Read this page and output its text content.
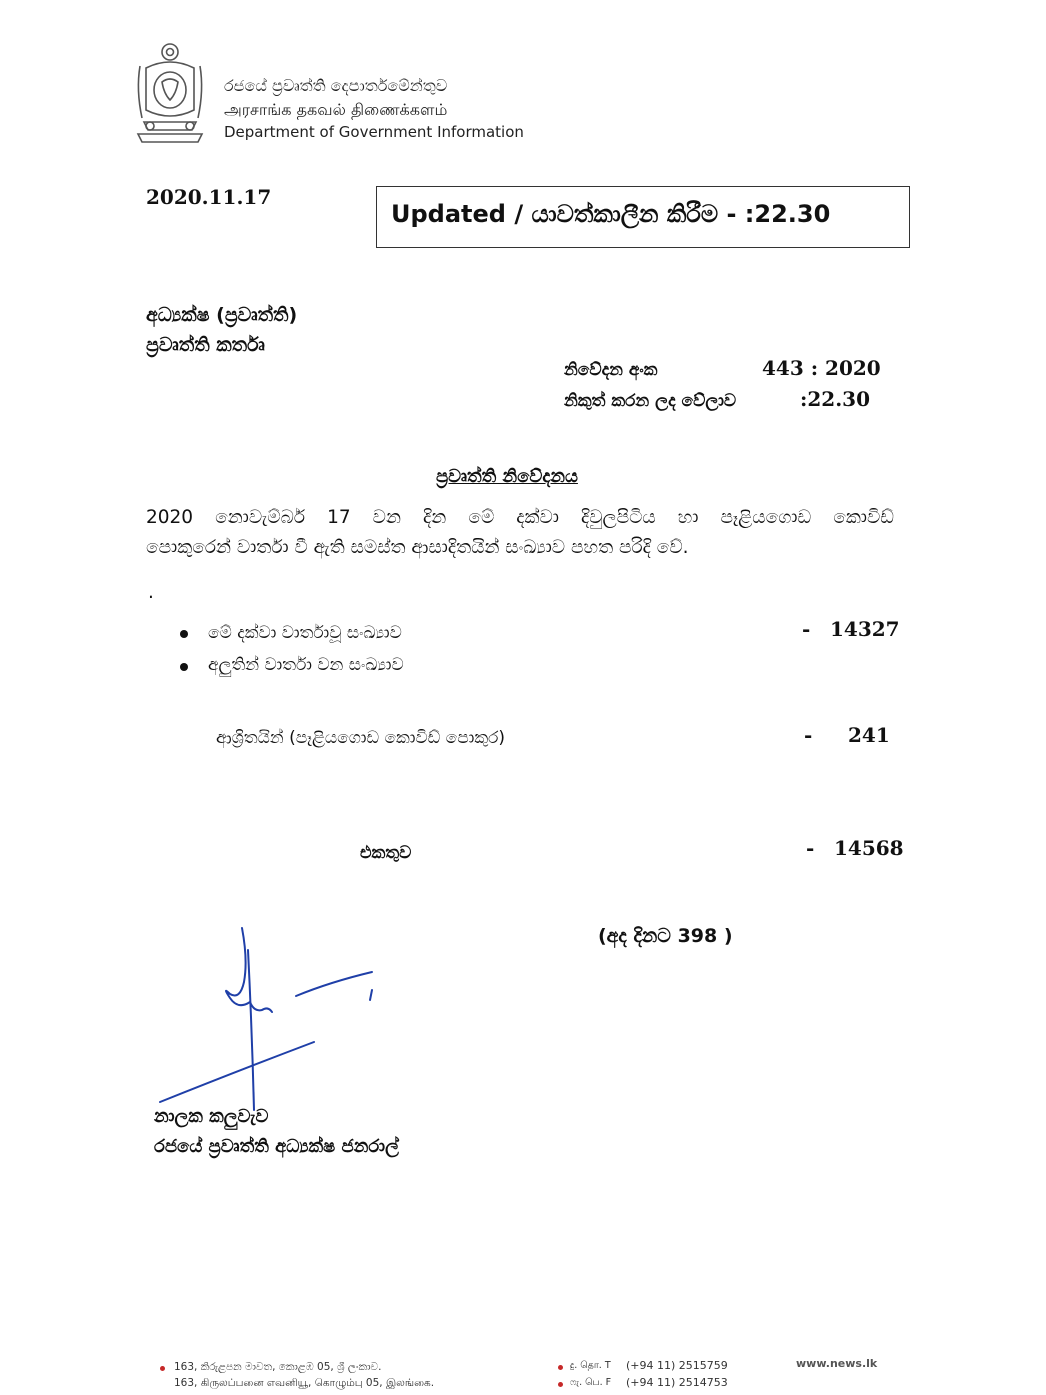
රජයේ ප්‍රවෘත්ති දෙපාර්තමේන්තුව
அரசாங்க தகவல் திணைக்களம்
Department of Government Information
2020.11.17
Updated / යාවත්කාලීන කිරීම - :22.30
අධ්‍යක්ෂ (ප්‍රවෘත්ති)
ප්‍රවෘත්ති කර්තෘ
නිවේදන අංක	443 : 2020
නිකුත් කරන ලද වේලාව	:22.30
ප්‍රවෘත්ති නිවේදනය
2020 නොවැම්බර් 17 වන දින මේ දක්වා දිවුලපිටිය හා පෑළියගොඩ කොවිඩ්
පොකුරෙන් වාර්තා වී ඇති සමස්ත ආසාදිතයින් සංඛ්‍යාව පහත පරිදි වේ.
.
මේ දක්වා වාර්තාවූ සංඛ්‍යාව	- 14327
අලුතින් වාර්තා වන සංඛ්‍යාව
ආශ්‍රිතයින් (පෑළියගොඩ කොවිඩ් පොකුර)	- 241
එකතුව	- 14568
(අද දිනට 398 )
නාලක කලුවැව
රජයේ ප්‍රවෘත්ති අධ්‍යක්ෂ ජනරාල්
163, කිරුළපන මාවත, කොළඹ 05, ශ්‍රී ලංකාව.
163, கிருலப்பனை எவனியூ, கொழும்பு 05, இலங்கை.
දු. தொ. T (+94 11) 2515759
ෆැ. பெ. F (+94 11) 2514753
www.news.lk
